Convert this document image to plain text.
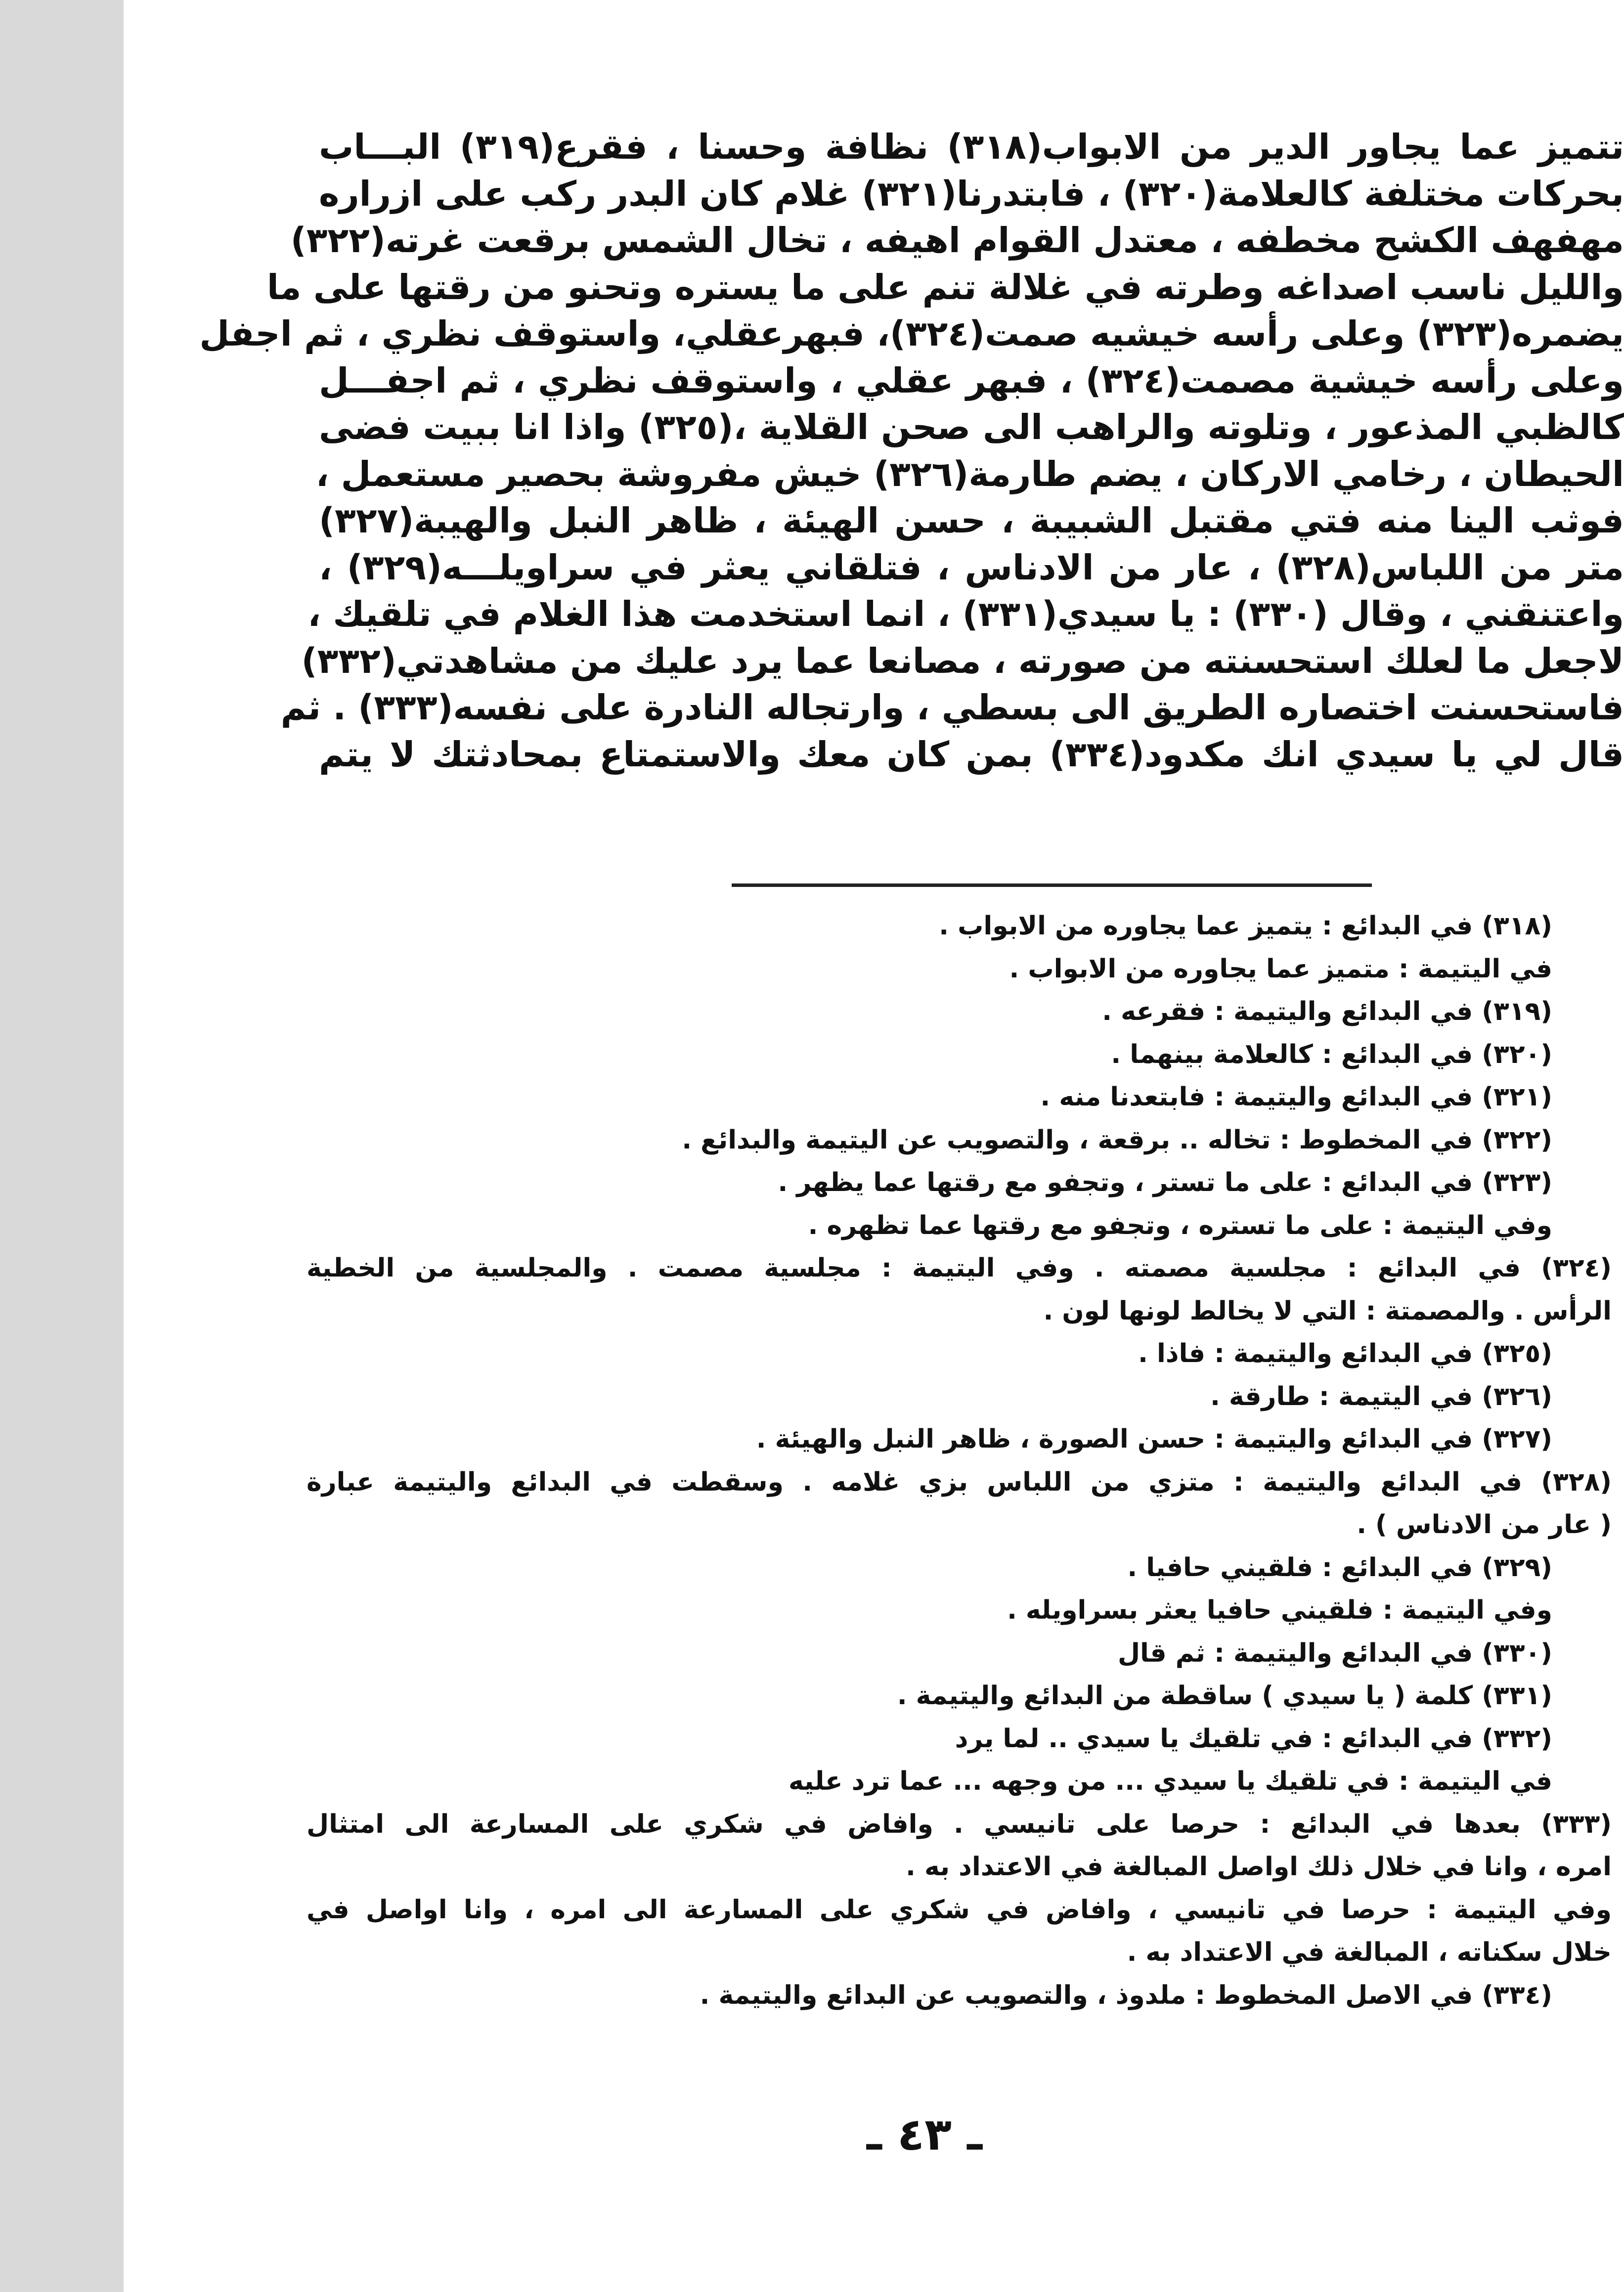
تتميز عما يجاور الدير من الابواب(٣١٨) نظافة وحسنا ، فقرع(٣١٩) البـــاب
بحركات مختلفة كالعلامة(٣٢٠) ، فابتدرنا(٣٢١) غلام كان البدر ركب على ازراره
مهفهف الكشح مخطفه ، معتدل القوام اهيفه ، تخال الشمس برقعت غرته(٣٢٢)
والليل ناسب اصداغه وطرته في غلالة تنم على ما يستره وتحنو من رقتها على ما
يضمره(٣٢٣) وعلى رأسه خيشيه صمت(٣٢٤)، فبهرعقلي، واستوقف نظري ، ثم اجفل
وعلى رأسه خيشية مصمت(٣٢٤) ، فبهر عقلي ، واستوقف نظري ، ثم اجفـــل
كالظبي المذعور ، وتلوته والراهب الى صحن القلاية ،(٣٢٥) واذا انا ببيت فضى
الحيطان ، رخامي الاركان ، يضم طارمة(٣٢٦) خيش مفروشة بحصير مستعمل ،
فوثب الينا منه فتي مقتبل الشبيبة ، حسن الهيئة ، ظاهر النبل والهيبة(٣٢٧)
متر من اللباس(٣٢٨) ، عار من الادناس ، فتلقاني يعثر في سراويلـــه(٣٢٩) ،
واعتنقني ، وقال (٣٣٠) : يا سيدي(٣٣١) ، انما استخدمت هذا الغلام في تلقيك ،
لاجعل ما لعلك استحسنته من صورته ، مصانعا عما يرد عليك من مشاهدتي(٣٣٢)
فاستحسنت اختصاره الطريق الى بسطي ، وارتجاله النادرة على نفسه(٣٣٣) . ثم
قال لي يا سيدي انك مكدود(٣٣٤) بمن كان معك والاستمتاع بمحادثتك لا يتم
(٣١٨) في البدائع : يتميز عما يجاوره من الابواب .
في اليتيمة : متميز عما يجاوره من الابواب .
(٣١٩) في البدائع واليتيمة : فقرعه .
(٣٢٠) في البدائع : كالعلامة بينهما .
(٣٢١) في البدائع واليتيمة : فابتعدنا منه .
(٣٢٢) في المخطوط : تخاله .. برقعة ، والتصويب عن اليتيمة والبدائع .
(٣٢٣) في البدائع : على ما تستر ، وتجفو مع رقتها عما يظهر .
وفي اليتيمة : على ما تستره ، وتجفو مع رقتها عما تظهره .
(٣٢٤) في البدائع : مجلسية مصمته . وفي اليتيمة : مجلسية مصمت . والمجلسية من الخطية
الرأس . والمصمتة : التي لا يخالط لونها لون .
(٣٢٥) في البدائع واليتيمة : فاذا .
(٣٢٦) في اليتيمة : طارقة .
(٣٢٧) في البدائع واليتيمة : حسن الصورة ، ظاهر النبل والهيئة .
(٣٢٨) في البدائع واليتيمة : متزي من اللباس بزي غلامه . وسقطت في البدائع واليتيمة عبارة
( عار من الادناس ) .
(٣٢٩) في البدائع : فلقيني حافيا .
وفي اليتيمة : فلقيني حافيا يعثر بسراويله .
(٣٣٠) في البدائع واليتيمة : ثم قال
(٣٣١) كلمة ( يا سيدي ) ساقطة من البدائع واليتيمة .
(٣٣٢) في البدائع : في تلقيك يا سيدي .. لما يرد
في اليتيمة : في تلقيك يا سيدي ... من وجهه ... عما ترد عليه
(٣٣٣) بعدها في البدائع : حرصا على تانيسي . وافاض في شكري على المسارعة الى امتثال
امره ، وانا في خلال ذلك اواصل المبالغة في الاعتداد به .
وفي اليتيمة : حرصا في تانيسي ، وافاض في شكري على المسارعة الى امره ، وانا اواصل في
خلال سكناته ، المبالغة في الاعتداد به .
(٣٣٤) في الاصل المخطوط : ملدوذ ، والتصويب عن البدائع واليتيمة .
ـ ٤٣ ـ
